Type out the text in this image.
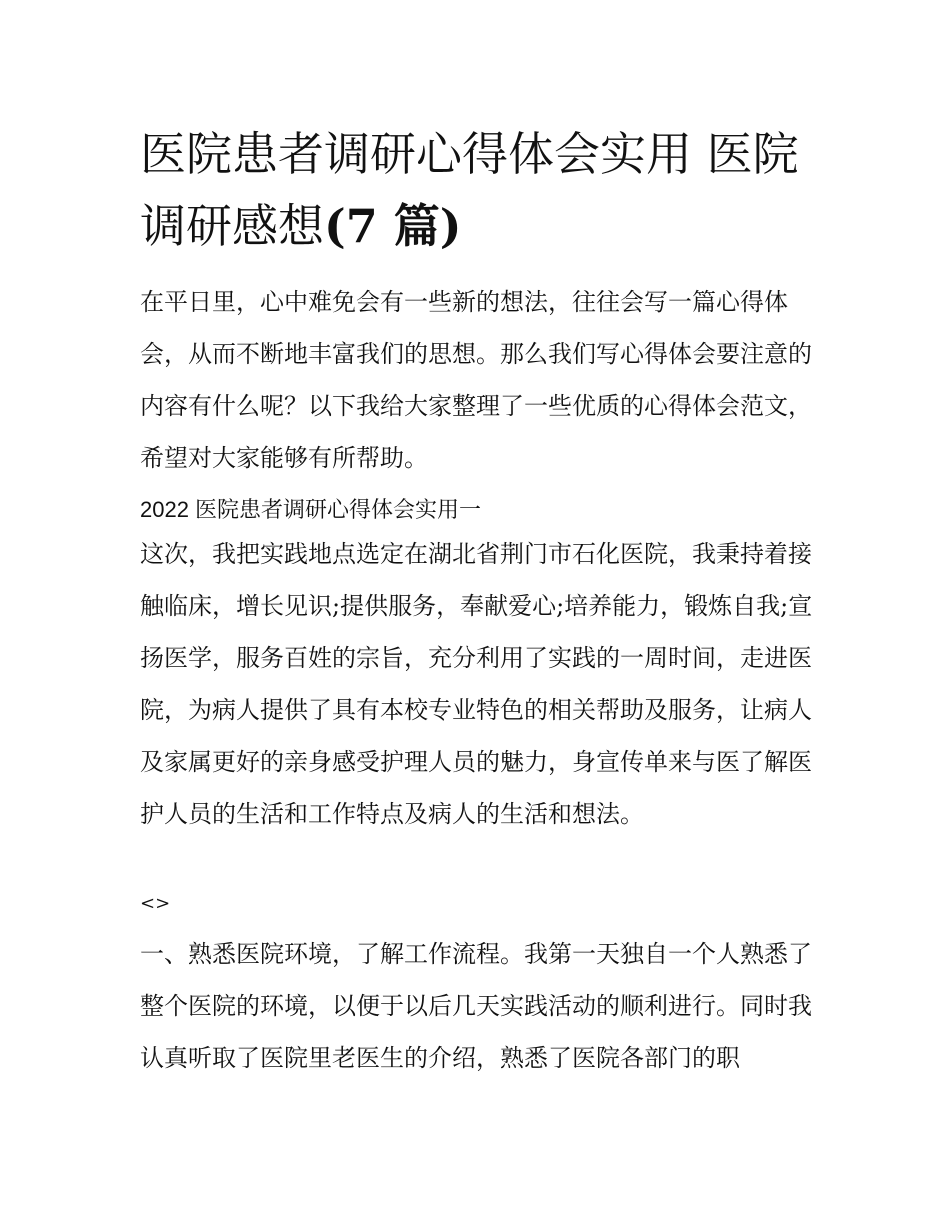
医院患者调研心得体会实用 医院调研感想(7 篇)

在平日里，心中难免会有一些新的想法，往往会写一篇心得体会，从而不断地丰富我们的思想。那么我们写心得体会要注意的内容有什么呢？以下我给大家整理了一些优质的心得体会范文，希望对大家能够有所帮助。

2022 医院患者调研心得体会实用一

这次，我把实践地点选定在湖北省荆门市石化医院，我秉持着接触临床，增长见识;提供服务，奉献爱心;培养能力，锻炼自我;宣扬医学，服务百姓的宗旨，充分利用了实践的一周时间，走进医院，为病人提供了具有本校专业特色的相关帮助及服务，让病人及家属更好的亲身感受护理人员的魅力，身宣传单来与医了解医护人员的生活和工作特点及病人的生活和想法。

<>

一、熟悉医院环境，了解工作流程。我第一天独自一个人熟悉了整个医院的环境，以便于以后几天实践活动的顺利进行。同时我认真听取了医院里老医生的介绍，熟悉了医院各部门的职
